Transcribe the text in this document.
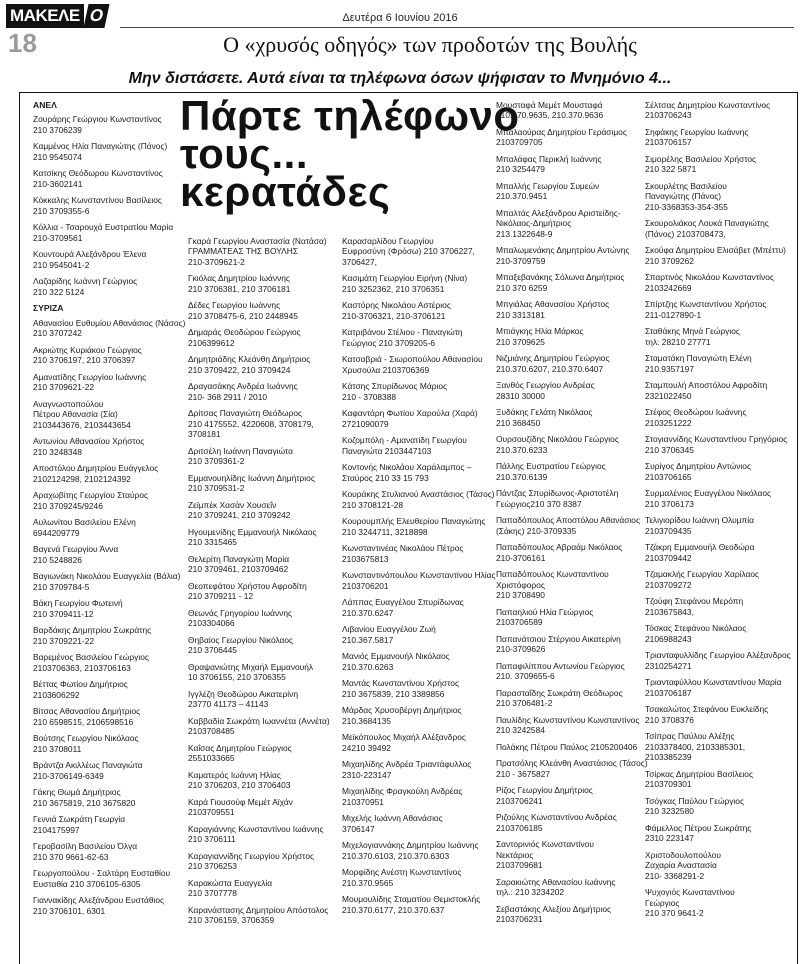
ΜΑΚΕΛΕ Ο
18
Δευτέρα 6 Ιουνίου 2016
Ο «χρυσός οδηγός» των προδοτών της Βουλής
Μην διστάσετε. Αυτά είναι τα τηλέφωνα όσων ψήφισαν το Μνημόνιο 4...
Πάρτε τηλέφωνο
τους...
κερατάδες
ΑΝΕΛ
Ζουράρης Γεώργιου Κωνσταντίνος
210 3706239
Καμμένος Ηλία Παναγιώτης (Πάνος)
210 9545074
Κατσίκης Θεόδωρου Κωνσταντίνος
210-3602141
Κόκκαλης Κωνσταντίνου Βασίλειος
210 3709355-6
Κόλλια - Τσαρουχά Ευστρατίου Μαρία
210-3709561
Κουντουρά Αλεξάνδρου Έλενα
210 9545041-2
Λαζαρίδης Ιωάννη Γεώργιος
210 322 5124
ΣΥΡΙΖΑ
Αθανασίου Ευθυμίου Αθανάσιος (Νάσος)
210 3707242
Ακριώτης Κυριάκου Γεώργιος
210 3706197, 210 3706397
Αμανατίδης Γεωργίου Ιωάννης
210 3709621-22
Αναγνωστοπούλου
Πέτρου Αθανασία (Σία)
2103443676, 2103443654
Αντωνίου Αθανασίου Χρήστος
210 3248348
Αποστόλου Δημητρίου Ευάγγελος
2102124298, 2102124392
Αραχωβίτης Γεωργίου Σταύρος
210 3709245/9246
Αυλωνίτου Βασιλείου Ελένη
6944209779
Βαγενά Γεωργίου Άννα
210 5248826
Βαγιωνάκη Νικολάου Ευαγγελία (Βάλια)
210 3709784-5
Βάκη Γεωργίου Φωτεινή
210 3709411-12
Βαρδάκης Δημητρίου Σωκράτης
210 3709221-22
Βαρεμένος Βασιλείου Γεώργιος
2103706363, 2103706163
Βέττας Φωτίου Δημήτριος
2103606292
Βίτσας Αθανασίου Δημήτριος
210 6598515, 2106598516
Βούτσης Γεωργίου Νικόλαος
210 3708011
Βράντζα Ακιλλέως Παναγιώτα
210-3706149-6349
Γάκης Θωμά Δημήτριος
210 3675819, 210 3675820
Γεννιά Σωκράτη Γεωργία
2104175997
Γεροβασίλη Βασιλείου Όλγα
210 370 9661-62-63
Γεωργοπούλου - Σαλτάρη Ευσταθίου
Ευσταθία 210 3706105-6305
Γιαννακίδης Αλεξάνδρου Ευστάθιος
210 3706101, 6301
Γκαρά Γεωργίου Αναστασία (Νατάσα)
ΓΡΑΜΜΑΤΕΑΣ ΤΗΣ ΒΟΥΛΗΣ
210-3709621-2
Γκιόλας Δημητρίου Ιωάννης
210 3706381, 210 3706181
Δέδες Γεωργίου Ιωάννης
210 3708475-6, 210 2448945
Δημαράς Θεοδώρου Γεώργιος
2106399612
Δημητριάδης Κλεάνθη Δημήτριος
210 3709422, 210 3709424
Δραγασάκης Ανδρέα Ιωάννης
210- 368 2911 / 2010
Δρίτσας Παναγιώτη Θεόδωρος
210 4175552, 4220608, 3708179,
3708181
Δριτσέλη Ιωάννη Παναγιώτα
210 3709361-2
Εμμανουηλίδης Ιωάννη Δημήτριος
210 3709531-2
Ζεϊμπέκ Χασάν Χουσεΐν
210 3709241, 210 3709242
Ηγουμενίδης Εμμανουήλ Νικόλαος
210 3315465
Θελερίτη Παναγιώτη Μαρία
210 3709461, 2103709462
Θεοπεφάτου Χρήστου Αφροδίτη
210 3709211 - 12
Θεωνάς Γρηγορίου Ιωάννης
2103304066
Θηβαίος Γεωργίου Νικόλαος
210 3706445
Θραψανιώτης Μιχαήλ Εμμανουήλ
10 3706155, 210 3706355
Ιγγλέζη Θεοδώρου Αικατερίνη
23770 41173 – 41143
Καββαδία Σωκράτη Ιωαννέτα (Αννέτα)
2103708485
Καΐσας Δημητρίου Γεώργιος
2551033665
Καματερός Ιωάννη Ηλίας
210 3706203, 210 3706403
Καρά Γιουσούφ Μεμέτ Αϊχάν
2103709551
Καραγιάννης Κωνσταντίνου Ιωάννης
210 3706111
Καραγιαννίδης Γεωργίου Χρήστος
210 3706253
Καρακώστα Ευαγγελία
210 3707778
Καρανάστασης Δημητρίου Απόστολος
210 3706159, 3706359
Καρασαρλίδου Γεωργίου
Ευφροσύνη (Φρόσω) 210 3706227,
3706427,
Κασιμάτη Γεωργίου Ειρήνη (Νίνα)
210 3252362, 210 3706351
Καστόρης Νικολάου Αστέριος
210-3706321, 210-3706121
Κατριβάνου Στέλιου - Παναγιώτη
Γεώργιος 210 3709205-6
Κατσαβριά - Σιωροπούλου Αθανασίου
Χρυσούλα 2103706369
Κάτσης Σπυρίδωνος Μάριος
210 - 3708388
Καφαντάρη Φωτίου Χαρούλα (Χαρά)
2721090079
Κοζομπόλη - Αμανατίδη Γεωργίου
Παναγιώτα 2103447103
Κοντονής Νικολάου Χαράλαμπος –
Σταύρος 210 33 15 793
Κουράκης Στυλιανού Αναστάσιος (Τάσος)
210 3708121-28
Κουρουμπλής Ελευθερίου Παναγιώτης
210 3244711, 3218898
Κωνσταντινέας Νικολάου Πέτρος
2103675813
Κωνσταντινόπουλου Κωνσταντίνου Ηλίας
2103706201
Λάππας Ευαγγέλου Σπυρίδωνας
210.370.6247
Λιβανίου Ευαγγέλου Ζωή
210.367.5817
Μανιός Εμμανουήλ Νικόλαος
210.370.6263
Μαντάς Κωνσταντίνου Χρήστος
210 3675839, 210 3389856
Μάρδας Χρυσοβέργη Δημήτριος
210.3684135
Μεϊκόπουλος Μιχαήλ Αλέξανδρος
24210 39492
Μιχαηλίδης Ανδρέα Τριαντάφυλλος
2310-223147
Μιχαηλίδης Φραγκούλη Ανδρέας
210370951
Μιχελής Ιωάννη Αθανάσιος
3706147
Μιχελογιαννάκης Δημητρίου Ιωάννης
210.370.6103, 210.370.6303
Μορφίδης Ανέστη Κωνσταντίνος
210.370.9565
Μουμουλίδης Σταματίου Θεμιστοκλής
210.370.6177, 210.370.637
Μουσταφά Μεμέτ Μουσταφά
210.370.9635, 210.370.9636
Μπαλαούρας Δημητρίου Γεράσιμος
2103709705
Μπαλάφας Περικλή Ιωάννης
210 3254479
Μπαλλής Γεωργίου Συμεών
210.370.9451
Μπαλτάς Αλεξάνδρου Αριστείδης-
Νικόλαος-Δημήτριος
213.1322648-9
Μπαλωμενάκης Δημητρίου Αντώνης
210-3709759
Μπαξεβανάκης Σόλωνα Δημήτριος
210 370 6259
Μπγιάλας Αθανασίου Χρήστος
210 3313181
Μπιάγκης Ηλία Μάρκος
210 3709625
Νιζμιάνης Δημητρίου Γεώργιος
210.370.6207, 210.370.6407
Ξανθός Γεωργίου Ανδρέας
28310 30000
Ξυδάκης Γελάτη Νικόλαος
210 368450
Ουρσουζίδης Νικολάου Γεώργιος
210.370.6233
Πάλλης Ευστρατίου Γεώργιος
210.370.6139
Πάντζας Σπυρίδωνος-Αριστοτέλη
Γεώργιος210 370 8387
Παπαδόπουλος Αποστόλου Αθανάσιος
(Σάκης) 210-3709335
Παπαδόπουλος Αβραάμ Νικόλαος
210-3706161
Παπαδόπουλος Κωνσταντίνου
Χριστόφορος
210 3708490
Παπαηλιού Ηλία Γεώργιος
2103706589
Παπανάτσιου Στέργιου Αικατερίνη
210-3709626
Παπαφιλίππου Αντωνίου Γεώργιος
210. 3709655-6
Παρασταΐδης Σωκράτη Θεόδωρος
210 3706481-2
Παυλίδης Κωνσταντίνου Κωνσταντίνος
210 3242584
Πολάκης Πέτρου Παύλος 2105200406
Πρατσόλης Κλεάνθη Αναστάσιος (Τάσος)
210 - 3675827
Ρίζος Γεωργίου Δημήτριος
2103706241
Ριζούλης Κωνσταντίνου Ανδρέας
2103706185
Σαντορινιός Κωνσταντίνου
Νεκτάριος
2103709681
Σαρακιώτης Αθανασίου Ιωάννης
τηλ.: 210 3234202
Σεβαστάκης Αλεξίου Δημήτριος
2103706231
Σέλτσας Δημητρίου Κωνσταντίνος
2103706243
Σηφάκης Γεωργίου Ιωάννης
2103706157
Σιμορέλης Βασιλείου Χρήστος
210 322 5871
Σκουρλέτης Βασιλείου
Παναγιώτης (Πάνος)
210-3368353-354-355
Σκουρολιάκος Λουκά Παναγιώτης
(Πάνος) 2103708473,
Σκούφα Δημητρίου Ελισάβετ (Μπέττυ)
210 3709262
Σπαρτινός Νικολάου Κωνσταντίνος
2103242669
Σπίρτζης Κωνσταντίνου Χρήστος
211-0127890-1
Σταθάκης Μηνά Γεώργιος
τηλ: 28210 27771
Σταματάκη Παναγιώτη Ελένη
210.9357197
Σταμπουλή Αποστόλου Αφροδίτη
2321022450
Στέφος Θεοδώρου Ιωάννης
2103251222
Στογιαννίδης Κωνσταντίνου Γρηγόριος
210 3706345
Συρίγος Δημητρίου Αντώνιος
2103706165
Συρμαλένιος Ευαγγέλου Νικόλαος
210 3706173
Τελιγιορίδου Ιωάννη Ολυμπία
2103709435
Τζάκρη Εμμανουήλ Θεοδώρα
2103709442
Τζαμακλής Γεωργίου Χαρίλαος
2103709272
Τζούφη Στεφάνου Μερόπη
2103675843,
Τόσκας Στεφάνου Νικόλαος
2106988243
Τριανταφυλλίδης Γεωργίου Αλέξανδρος
2310254271
Τριανταφύλλου Κωνσταντίνου Μαρία
2103706187
Τσακαλώτος Στεφάνου Ευκλείδης
210 3708376
Τσίπρας Παύλου Αλέξης
2103378400, 2103385301,
2103385239
Τσίρκας Δημητρίου Βασίλειος
2103709301
Τσόγκας Παύλου Γεώργιος
210 3232580
Φάμελλος Πέτρου Σωκράτης
2310 223147
Χριστοδουλοπούλου
Ζαχαρία Αναστασία
210- 3368291-2
Ψυχογιός Κωνσταντίνου
Γεώργιος
210 370 9641-2
